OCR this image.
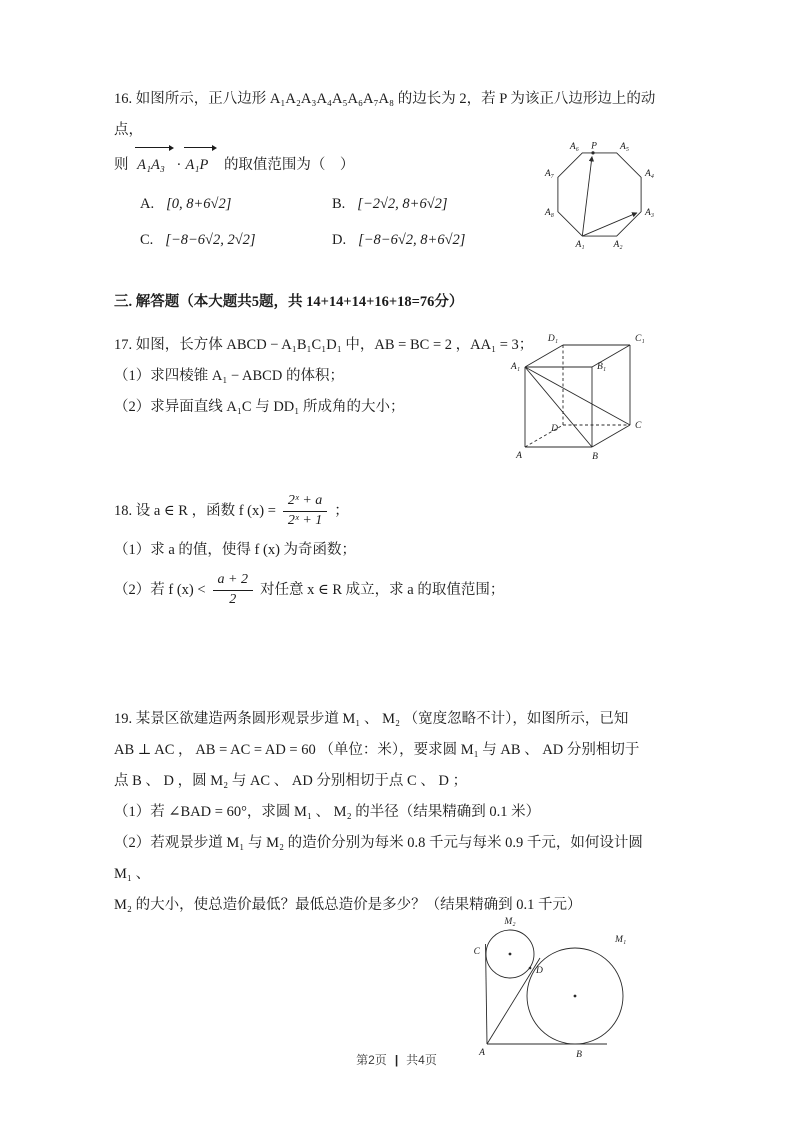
16. 如图所示，正八边形 A₁A₂A₃A₄A₅A₆A₇A₈ 的边长为 2，若 P 为该正八边形边上的动点，

则 A₁A₃ · A₁P 的取值范围为（　）

A. [0, 8+6√2]	B. [−2√2, 8+6√2]
C. [−8−6√2, 2√2]	D. [−8−6√2, 8+6√2]

三. 解答题（本大题共5题，共 14+14+14+16+18=76分）

17. 如图，长方体 ABCD − A₁B₁C₁D₁ 中，AB = BC = 2 ，AA₁ = 3；

（1）求四棱锥 A₁ − ABCD 的体积；

（2）求异面直线 A₁C 与 DD₁ 所成角的大小；

18. 设 a ∈ R ，函数 f $(x) = \frac{\text{2ˣ + a}}{\text{2ˣ + 1}}$ ；

（1）求 a 的值，使得 f (x) 为奇函数；

（2）若 f $(x) < \frac{a + 2}{2}$ 对任意 x ∈ R 成立，求 a 的取值范围；

19. 某景区欲建造两条圆形观景步道 M₁ 、 M₂ （宽度忽略不计），如图所示，已知

AB ⊥ AC ， AB = AC = AD = 60 （单位：米），要求圆 M₁ 与 AB 、 AD 分别相切于

点 B 、 D ，圆 M₂ 与 AC 、 AD 分别相切于点 C 、 D ；

（1）若 ∠BAD = 60°，求圆 M₁ 、 M₂ 的半径（结果精确到 0.1 米）

（2）若观景步道 M₁ 与 M₂ 的造价分别为每米 0.8 千元与每米 0.9 千元，如何设计圆

M₁ 、

M₂ 的大小，使总造价最低？最低总造价是多少？（结果精确到 0.1 千元）

A₆ P A₅
A₇	A₄
A₈	A₃
A₁	A₂
D₁	C₁
A₁	B₁
D	C
A	B
M₂
M₁
C
D
A	B
第2页 | 共4页
